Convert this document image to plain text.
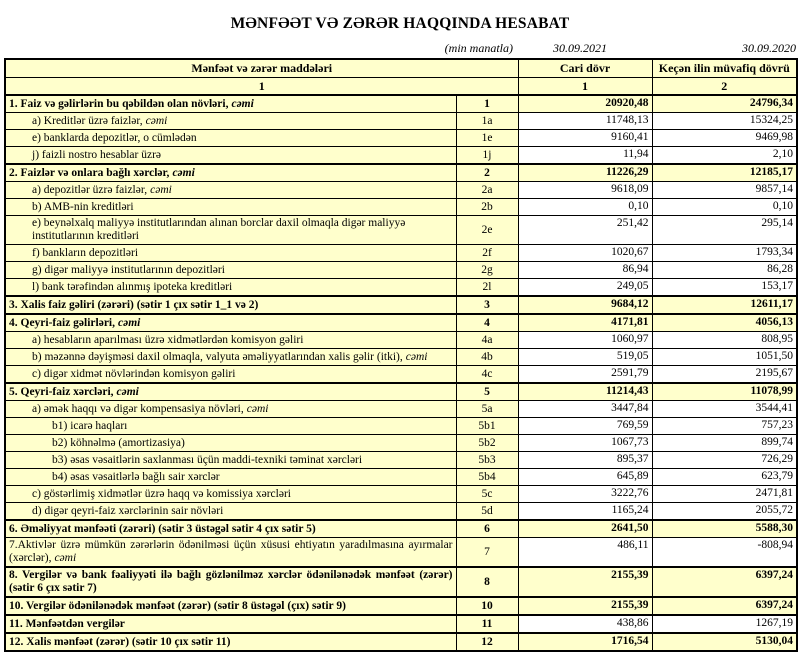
MƏNFƏƏT VƏ ZƏRƏR HAQQINDA HESABAT
(min manatla)	30.09.2021	30.09.2020
Mənfəət və zərər maddələri		Cari dövr	Keçən ilin müvafiq dövrü
1		1	2
1. Faiz və gəlirlərin bu qəbildən olan növləri, cəmi	1	20920,48	24796,34
a) Kreditlər üzrə faizlər, cəmi	1a	11748,13	15324,25
e) banklarda depozitlər, o cümlədən	1e	9160,41	9469,98
j) faizli nostro hesablar üzrə	1j	11,94	2,10
2. Faizlər və onlara bağlı xərclər, cəmi	2	11226,29	12185,17
a) depozitlər üzrə faizlər, cəmi	2a	9618,09	9857,14
b) AMB-nin kreditləri	2b	0,10	0,10
e) beynəlxalq maliyyə institutlarından alınan borclar daxil olmaqla digər maliyyə institutlarının kreditləri	2e	251,42	295,14
f) bankların depozitləri	2f	1020,67	1793,34
g) digər maliyyə institutlarının depozitləri	2g	86,94	86,28
l) bank tərəfindən alınmış ipoteka kreditləri	2l	249,05	153,17
3. Xalis faiz gəliri (zərəri) (sətir 1 çıx sətir 1_1 və 2)	3	9684,12	12611,17
4. Qeyri-faiz gəlirləri, cəmi	4	4171,81	4056,13
a) hesabların aparılması üzrə xidmətlərdən komisyon gəliri	4a	1060,97	808,95
b) məzənnə dəyişməsi daxil olmaqla, valyuta əməliyyatlarından xalis gəlir (itki), cəmi	4b	519,05	1051,50
c) digər xidmət növlərindən komisyon gəliri	4c	2591,79	2195,67
5. Qeyri-faiz xərcləri, cəmi	5	11214,43	11078,99
a) əmək haqqı və digər kompensasiya növləri, cəmi	5a	3447,84	3544,41
b1) icarə haqları	5b1	769,59	757,23
b2) köhnəlmə (amortizasiya)	5b2	1067,73	899,74
b3) əsas vəsaitlərin saxlanması üçün maddi-texniki təminat xərcləri	5b3	895,37	726,29
b4) əsas vəsaitlərlə bağlı sair xərclər	5b4	645,89	623,79
c) göstərlimiş xidmətlər üzrə haqq və komissiya xərcləri	5c	3222,76	2471,81
d) digər qeyri-faiz xərclərinin sair növləri	5d	1165,24	2055,72
6. Əməliyyat mənfəəti (zərəri) (sətir 3 üstəgəl sətir 4 çıx sətir 5)	6	2641,50	5588,30
7.Aktivlər üzrə mümkün zərərlərin ödənilməsi üçün xüsusi ehtiyatın yaradılmasına ayırmalar (xərclər), cəmi	7	486,11	-808,94
8. Vergilər və bank fəaliyyəti ilə bağlı gözlənilməz xərclər ödənilənədək mənfəət (zərər) (sətir 6 çıx sətir 7)	8	2155,39	6397,24
10. Vergilər ödənilənədək mənfəət (zərər) (sətir 8 üstəgəl (çıx) sətir 9)	10	2155,39	6397,24
11. Mənfəətdən vergilər	11	438,86	1267,19
12. Xalis mənfəət (zərər) (sətir 10 çıx sətir 11)	12	1716,54	5130,04
